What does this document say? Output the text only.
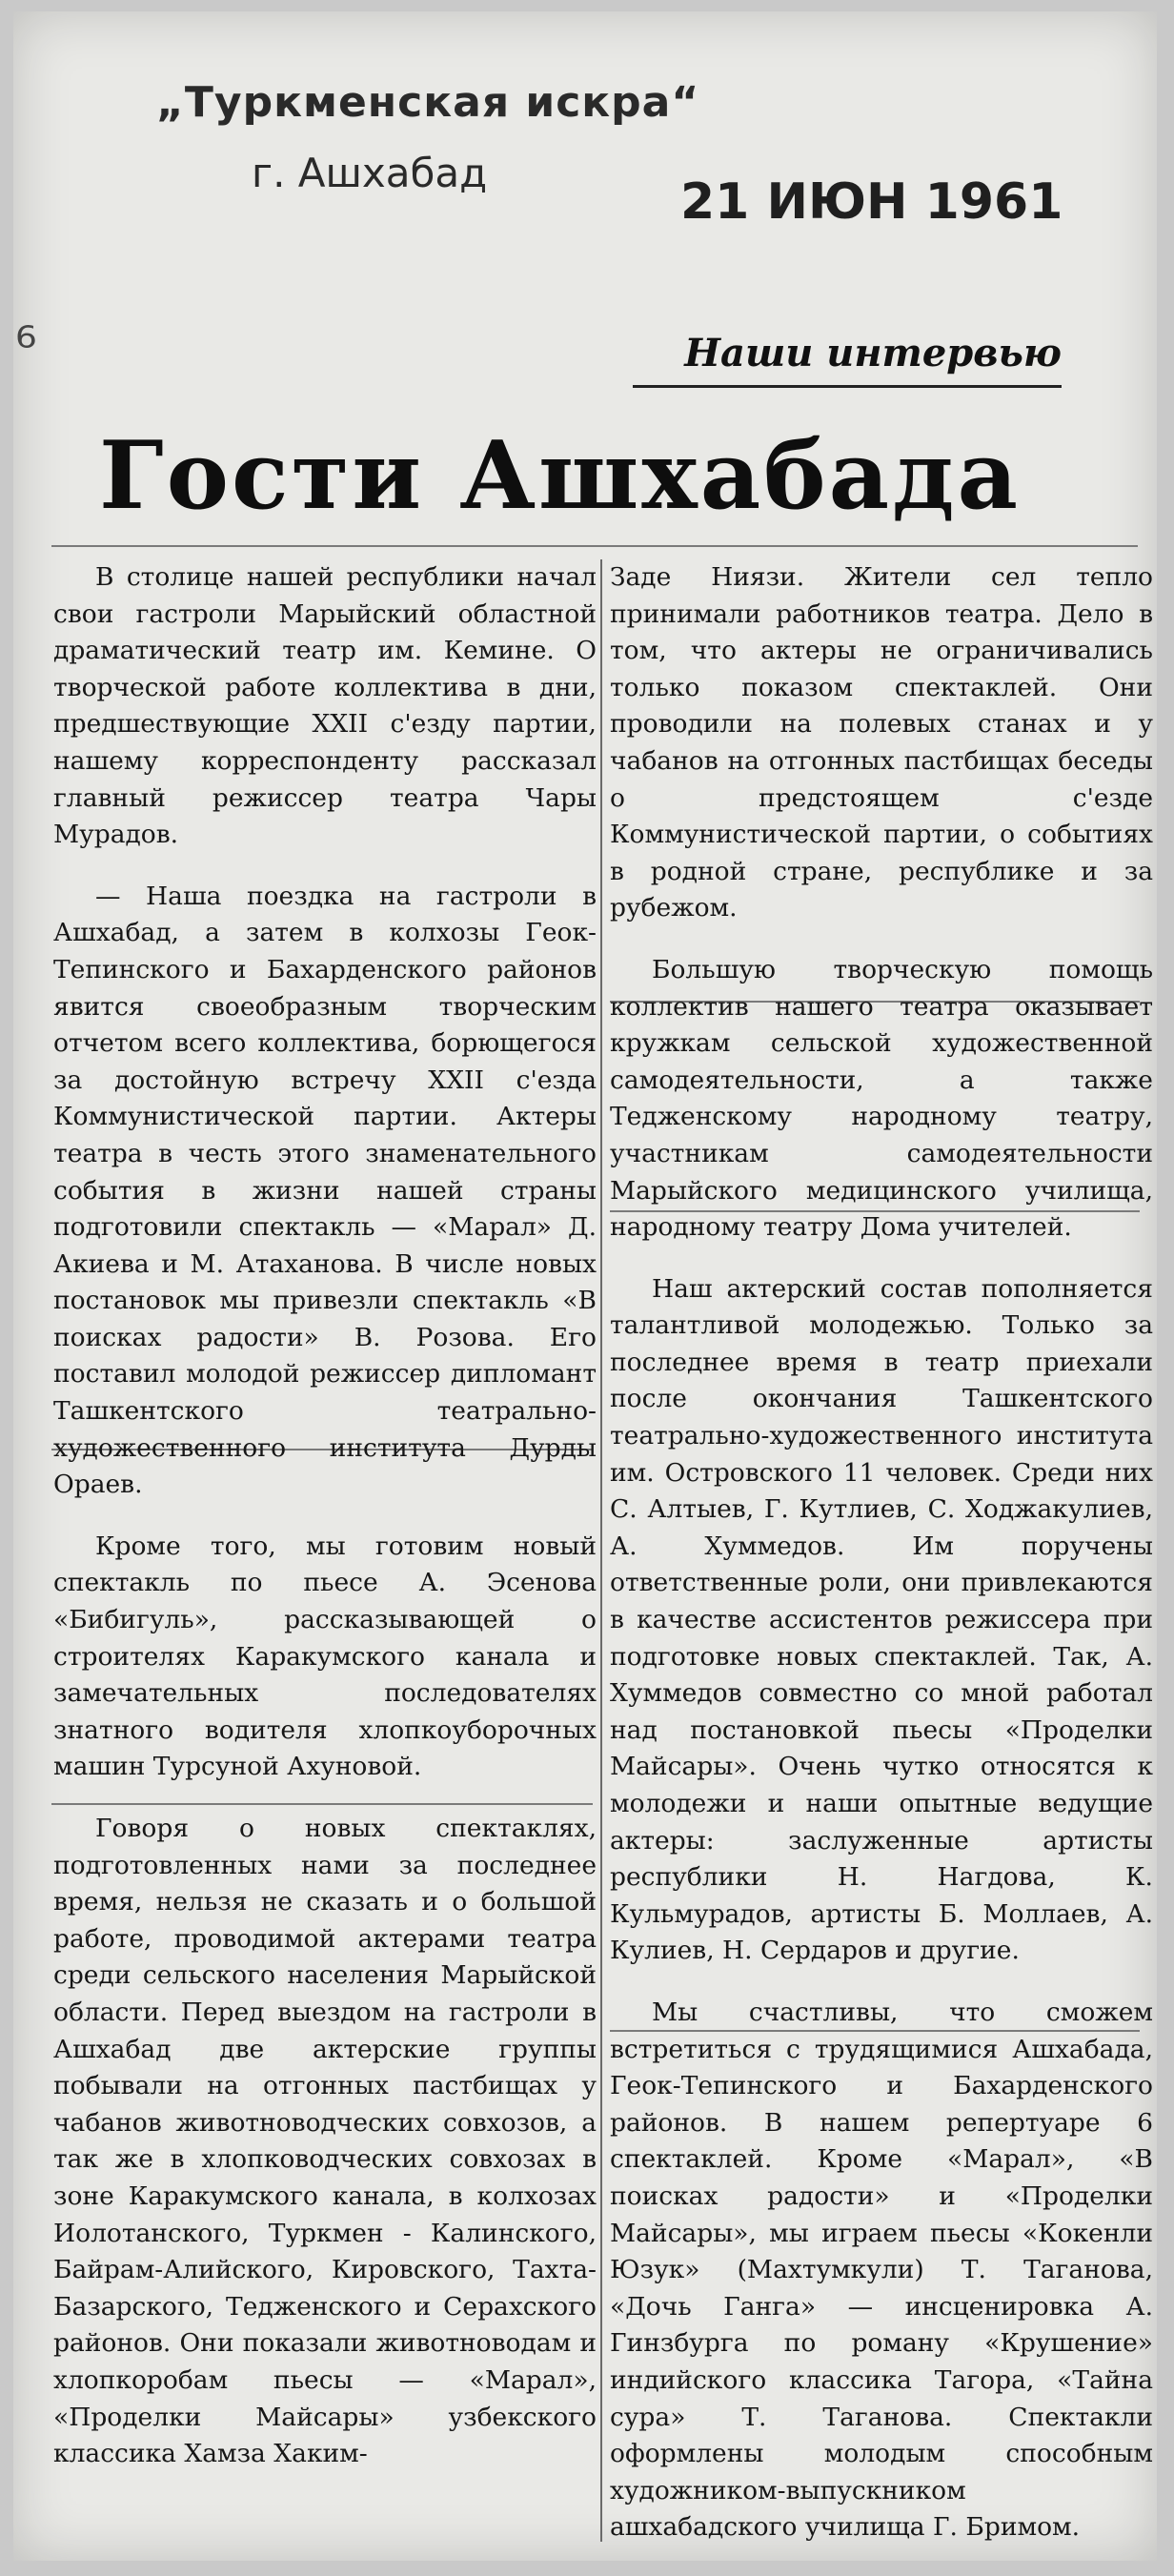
„Туркменская искра“
г. Ашхабад
21 ИЮН 1961
⁶	Наши интервью
Гости Ашхабада

В столице нашей республики начал свои гастроли Марыйский областной драматический театр им. Кемине. О творческой работе коллектива в дни, предшествующие XXII с'езду партии, нашему корреспонденту рассказал главный режиссер театра Чары Мурадов.

— Наша поездка на гастроли в Ашхабад, а затем в колхозы Геок-Тепинского и Бахарденского районов явится своеобразным творческим отчетом всего коллектива, борющегося за достойную встречу XXII с'езда Коммунистической партии. Актеры театра в честь этого знаменательного события в жизни нашей страны подготовили спектакль — «Марал» Д. Акиева и М. Атаханова. В числе новых постановок мы привезли спектакль «В поисках радости» В. Розова. Его поставил молодой режиссер дипломант Ташкентского театрально-художественного института Дурды Ораев.

Кроме того, мы готовим новый спектакль по пьесе А. Эсенова «Бибигуль», рассказывающей о строителях Каракумского канала и замечательных последователях знатного водителя хлопкоуборочных машин Турсуной Ахуновой.

Говоря о новых спектаклях, подготовленных нами за последнее время, нельзя не сказать и о большой работе, проводимой актерами театра среди сельского населения Марыйской области. Перед выездом на гастроли в Ашхабад две актерские группы побывали на отгонных пастбищах у чабанов животноводческих совхозов, а так же в хлопководческих совхозах в зоне Каракумского канала, в колхозах Иолотанского, Туркмен - Калинского, Байрам-Алийского, Кировского, Тахта-Базарского, Тедженского и Серахского районов. Они показали животноводам и хлопкоробам пьесы — «Марал», «Проделки Майсары» узбекского классика Хамза Хаким-

Заде Ниязи. Жители сел тепло принимали работников театра. Дело в том, что актеры не ограничивались только показом спектаклей. Они проводили на полевых станах и у чабанов на отгонных пастбищах беседы о предстоящем с'езде Коммунистической партии, о событиях в родной стране, республике и за рубежом.

Большую творческую помощь коллектив нашего театра оказывает кружкам сельской художественной самодеятельности, а также Тедженскому народному театру, участникам самодеятельности Марыйского медицинского училища, народному театру Дома учителей.

Наш актерский состав пополняется талантливой молодежью. Только за последнее время в театр приехали после окончания Ташкентского театрально-художественного института им. Островского 11 человек. Среди них С. Алтыев, Г. Кутлиев, С. Ходжакулиев, А. Хуммедов. Им поручены ответственные роли, они привлекаются в качестве ассистентов режиссера при подготовке новых спектаклей. Так, А. Хуммедов совместно со мной работал над постановкой пьесы «Проделки Майсары». Очень чутко относятся к молодежи и наши опытные ведущие актеры: заслуженные артисты республики Н. Нагдова, К. Кульмурадов, артисты Б. Моллаев, А. Кулиев, Н. Сердаров и другие.

Мы счастливы, что сможем встретиться с трудящимися Ашхабада, Геок-Тепинского и Бахарденского районов. В нашем репертуаре 6 спектаклей. Кроме «Марал», «В поисках радости» и «Проделки Майсары», мы играем пьесы «Кокенли Юзук» (Махтумкули) Т. Таганова, «Дочь Ганга» — инсценировка А. Гинзбурга по роману «Крушение» индийского классика Тагора, «Тайна сура» Т. Таганова. Спектакли оформлены молодым способным художником-выпускником ашхабадского училища Г. Бримом.
